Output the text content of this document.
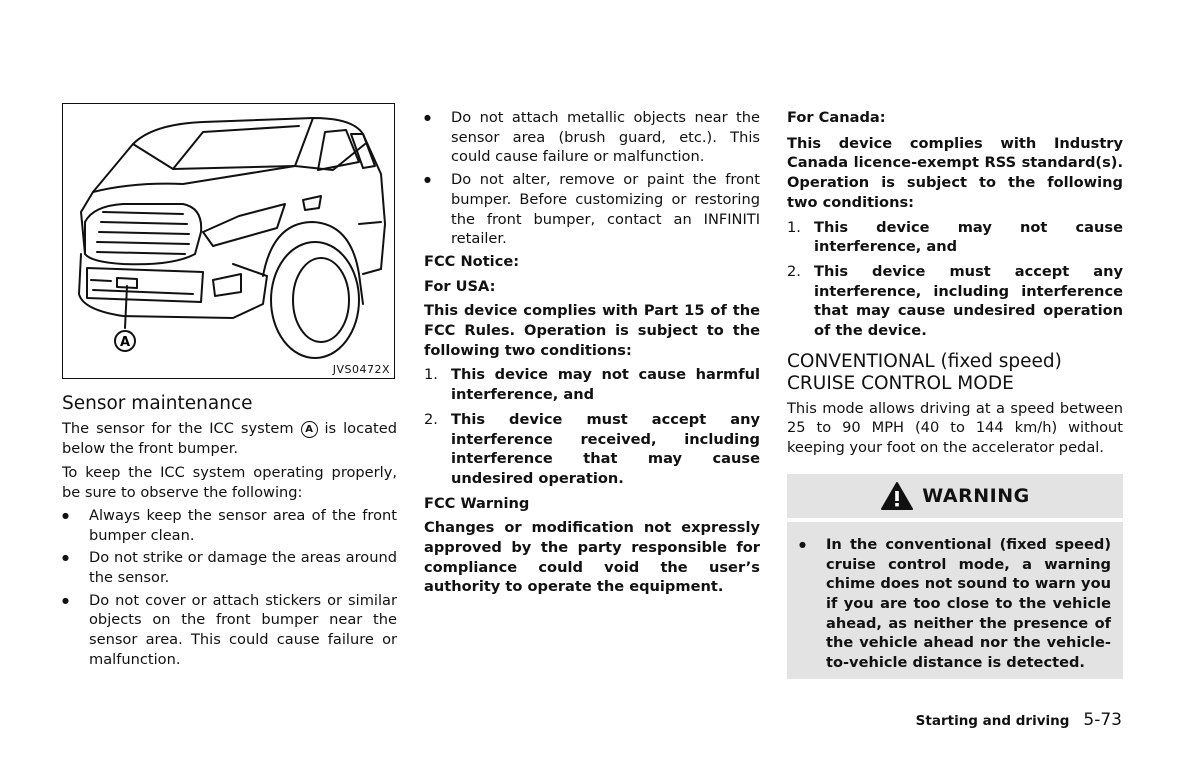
A
JVS0472X
Sensor maintenance

The sensor for the ICC system A is located below the front bumper.

To keep the ICC system operating properly, be sure to observe the following:

● Always keep the sensor area of the front bumper clean.
● Do not strike or damage the areas around the sensor.
● Do not cover or attach stickers or similar objects on the front bumper near the sensor area. This could cause failure or malfunction.
● Do not attach metallic objects near the sensor area (brush guard, etc.). This could cause failure or malfunction.
● Do not alter, remove or paint the front bumper. Before customizing or restoring the front bumper, contact an INFINITI retailer.

FCC Notice:

For USA:

This device complies with Part 15 of the FCC Rules. Operation is subject to the following two conditions:

1. This device may not cause harmful interference, and
2. This device must accept any interference received, including interference that may cause undesired operation.

FCC Warning

Changes or modification not expressly approved by the party responsible for compliance could void the user’s authority to operate the equipment.

For Canada:

This device complies with Industry Canada licence-exempt RSS standard(s). Operation is subject to the following two conditions:

1. This device may not cause interference, and
2. This device must accept any interference, including interference that may cause undesired operation of the device.
CONVENTIONAL (fixed speed)
CRUISE CONTROL MODE

This mode allows driving at a speed between 25 to 90 MPH (40 to 144 km/h) without keeping your foot on the accelerator pedal.

WARNING
● In the conventional (fixed speed) cruise control mode, a warning chime does not sound to warn you if you are too close to the vehicle ahead, as neither the presence of the vehicle ahead nor the vehicle-to-vehicle distance is detected.
Starting and driving 5-73
